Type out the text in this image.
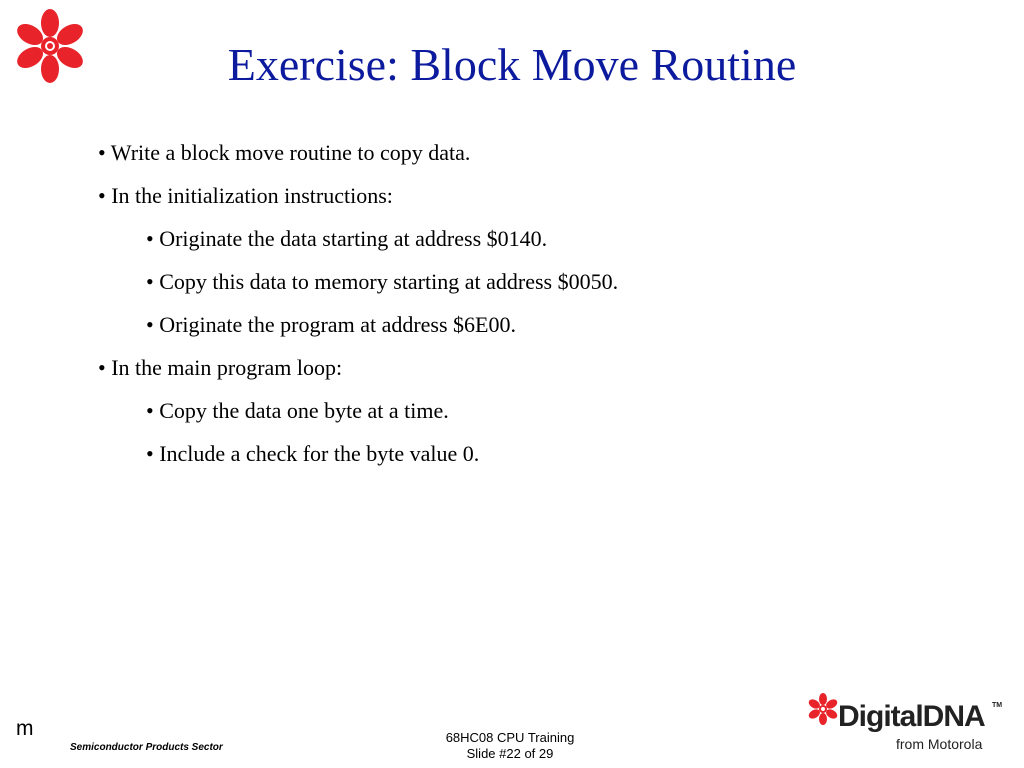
Exercise: Block Move Routine
• Write a block move routine to copy data.
• In the initialization instructions:
• Originate the data starting at address $0140.
• Copy this data to memory starting at address $0050.
• Originate the program at address $6E00.
• In the main program loop:
• Copy the data one byte at a time.
• Include a check for the byte value 0.
m
Semiconductor Products Sector
68HC08 CPU Training
Slide #22 of 29
DigitalDNA TM
from Motorola
